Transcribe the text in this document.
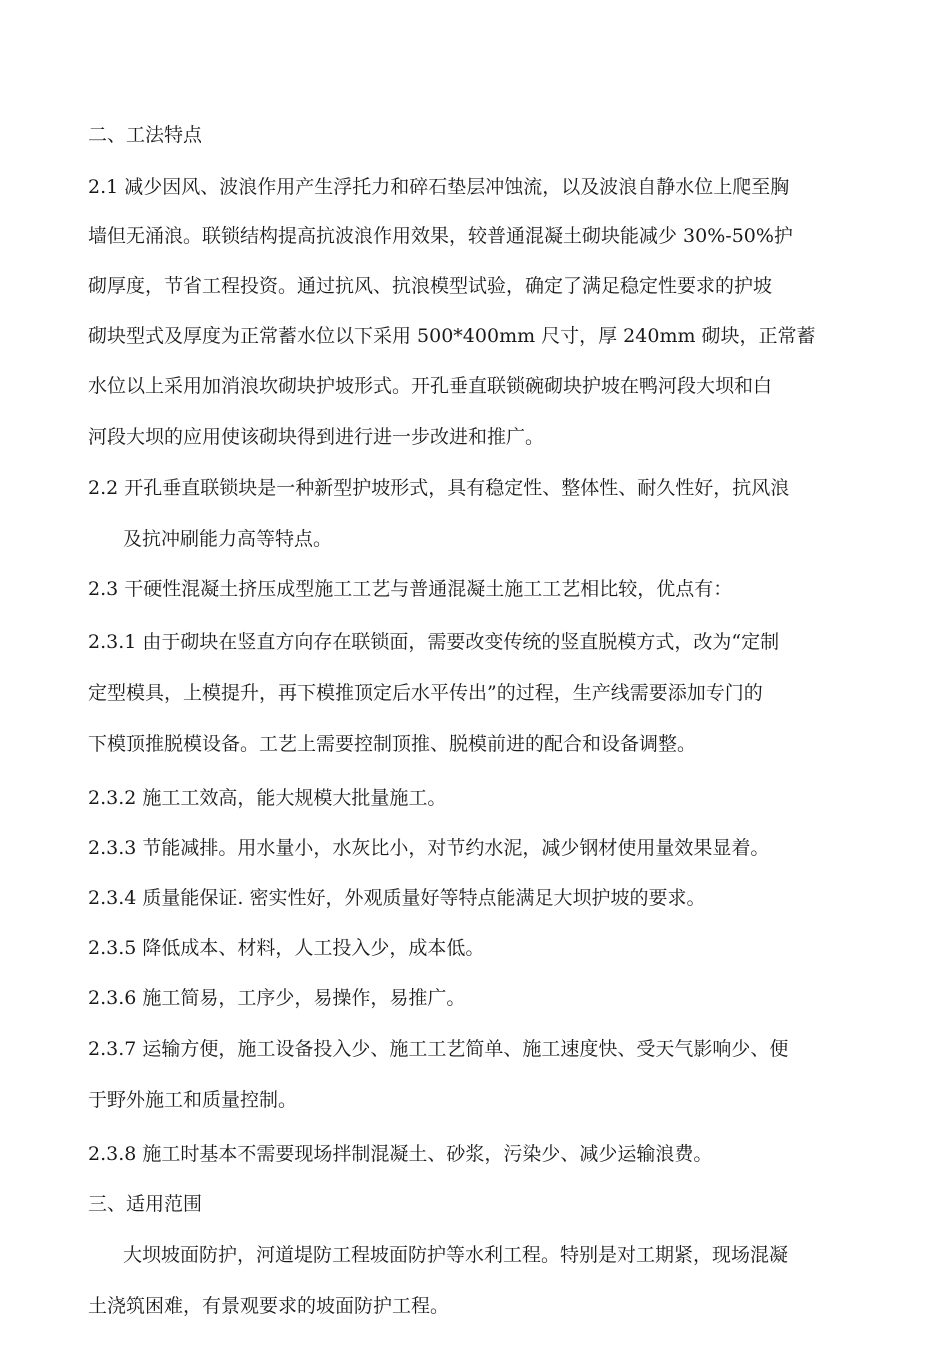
二、工法特点
2.1 减少因风、波浪作用产生浮托力和碎石垫层冲蚀流，以及波浪自静水位上爬至胸
墙但无涌浪。联锁结构提高抗波浪作用效果，较普通混凝土砌块能减少 30%-50%护
砌厚度，节省工程投资。通过抗风、抗浪模型试验，确定了满足稳定性要求的护坡
砌块型式及厚度为正常蓄水位以下采用 500*400mm 尺寸，厚 240mm 砌块，正常蓄
水位以上采用加消浪坎砌块护坡形式。开孔垂直联锁碗砌块护坡在鸭河段大坝和白
河段大坝的应用使该砌块得到进行进一步改进和推广。
2.2 开孔垂直联锁块是一种新型护坡形式，具有稳定性、整体性、耐久性好，抗风浪
及抗冲刷能力高等特点。
2.3 干硬性混凝土挤压成型施工工艺与普通混凝土施工工艺相比较，优点有：
2.3.1 由于砌块在竖直方向存在联锁面，需要改变传统的竖直脱模方式，改为“定制
定型模具，上模提升，再下模推顶定后水平传出”的过程，生产线需要添加专门的
下模顶推脱模设备。工艺上需要控制顶推、脱模前进的配合和设备调整。
2.3.2 施工工效高，能大规模大批量施工。
2.3.3 节能减排。用水量小，水灰比小，对节约水泥，减少钢材使用量效果显着。
2.3.4 质量能保证. 密实性好，外观质量好等特点能满足大坝护坡的要求。
2.3.5 降低成本、材料，人工投入少，成本低。
2.3.6 施工简易，工序少，易操作，易推广。
2.3.7 运输方便，施工设备投入少、施工工艺简单、施工速度快、受天气影响少、便
于野外施工和质量控制。
2.3.8 施工时基本不需要现场拌制混凝土、砂浆，污染少、减少运输浪费。
三、适用范围
大坝坡面防护，河道堤防工程坡面防护等水利工程。特别是对工期紧，现场混凝
土浇筑困难，有景观要求的坡面防护工程。
